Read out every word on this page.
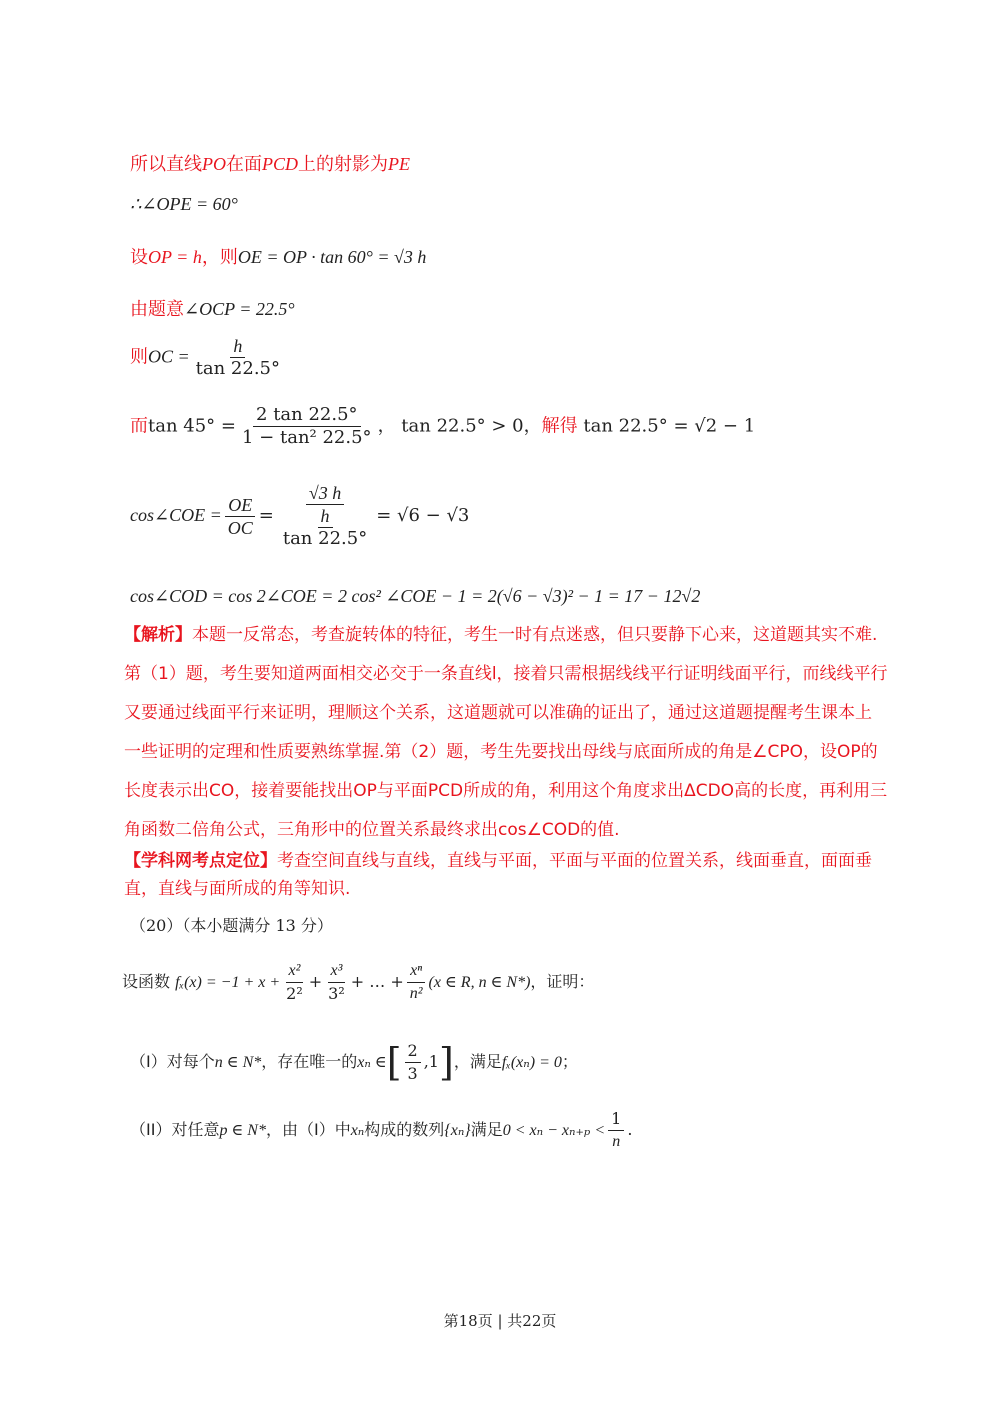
所以直线PO在面PCD上的射影为PE
∴∠OPE = 60°
设OP = h，则OE = OP · tan 60° = √3 h
由题意∠OCP = 22.5°
则OC = $\frac{h}{\tan 22.5^\circ}$
而$\tan 45^\circ = \frac{2 \tan 22.5^\circ}{\text{1 − tan² 22.5°}}$ ， tan 22.5° > 0，解得 tan 22.5° = √2 − 1
cos∠COE = $\frac{OE}{OC} = \frac{√3 h}{\frac{h}{\tan 22.5^\circ}} = √6 - √3$
cos∠COD = cos 2∠COE = 2 cos² ∠COE − 1 = 2(√6 − √3)² − 1 = 17 − 12√2
【解析】本题一反常态，考查旋转体的特征，考生一时有点迷惑，但只要静下心来，这道题其实不难.第（1）题，考生要知道两面相交必交于一条直线l，接着只需根据线线平行证明线面平行，而线线平行又要通过线面平行来证明，理顺这个关系，这道题就可以准确的证出了，通过这道题提醒考生课本上一些证明的定理和性质要熟练掌握.第（2）题，考生先要找出母线与底面所成的角是∠CPO，设OP的长度表示出CO，接着要能找出OP与平面PCD所成的角，利用这个角度求出ΔCDO高的长度，再利用三角函数二倍角公式，三角形中的位置关系最终求出cos∠COD的值.
【学科网考点定位】考查空间直线与直线，直线与平面，平面与平面的位置关系，线面垂直，面面垂直，直线与面所成的角等知识.
（20）（本小题满分 13 分）
设函数 $f_x(x) = -1 + x + \frac{\text{x²}}{\text{2²}} + \frac{\text{x³}}{\text{3²}}$ + … + $\frac{\text{xⁿ}}{\text{n²}} (x$ ∈ R, n ∈ N*)，证明：
（I）对每个n ∈ N*，存在唯一的xₙ ∈[ $\frac{2}{3} ,1$]，满足fₓ(xₙ) = 0；
（II）对任意p ∈ N*，由（I）中xₙ构成的数列{xₙ}满足$0 < x_n - x_{n+p} < \frac{1}{n}$ .
第18页 | 共22页
